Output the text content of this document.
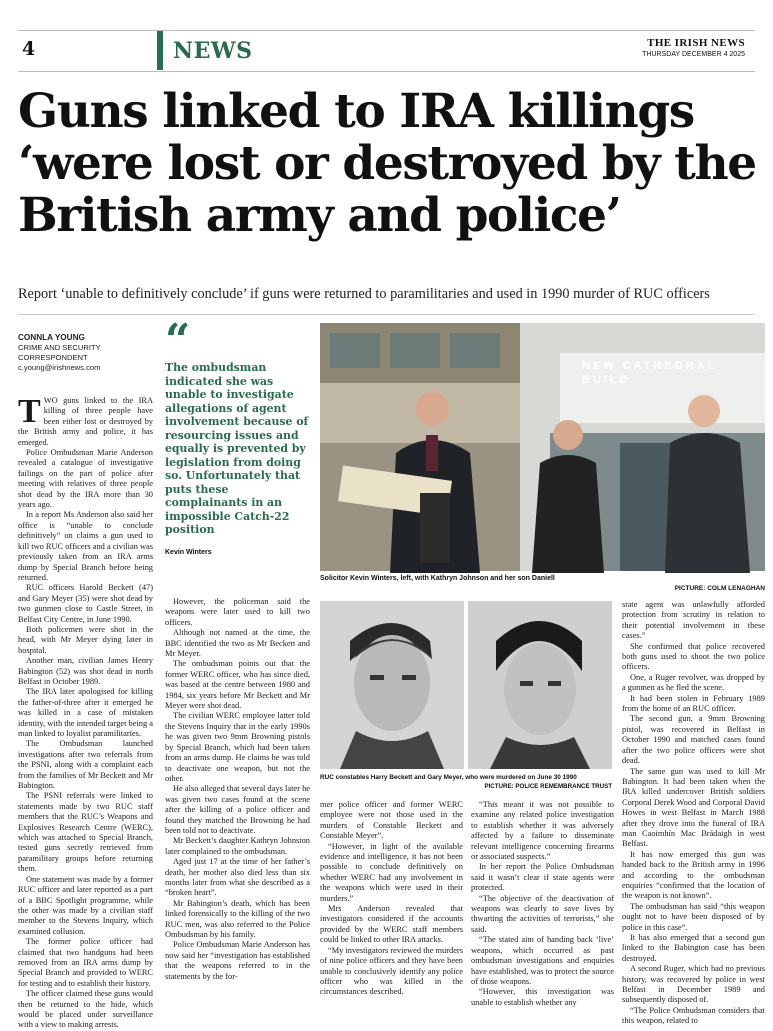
4	NEWS	THE IRISH NEWS
THURSDAY DECEMBER 4 2025
Guns linked to IRA killings ‘were lost or destroyed by the British army and police’
Report ‘unable to definitively conclude’ if guns were returned to paramilitaries and used in 1990 murder of RUC officers
CONNLA YOUNG
CRIME AND SECURITY
CORRESPONDENT
c.young@irishnews.com
“
The ombudsman indicated she was unable to investigate allegations of agent involvement because of resourcing issues and equally is prevented by legislation from doing so. Unfortunately that puts these complainants in an impossible Catch-22 position
Kevin Winters
NEW CATHEDRAL BUILD
Solicitor Kevin Winters, left, with Kathryn Johnson and her son Daniell
PICTURE: COLM LENAGHAN
RUC constables Harry Beckett and Gary Meyer, who were murdered on June 30 1990
PICTURE: POLICE REMEMBRANCE TRUST

TWO guns linked to the IRA killing of three people have been either lost or destroyed by the British army and police, it has emerged.

Police Ombudsman Marie Anderson revealed a catalogue of investigative failings on the part of police after meeting with relatives of three people shot dead by the IRA more than 30 years ago.

In a report Ms Anderson also said her office is “unable to conclude definitively” on claims a gun used to kill two RUC officers and a civilian was previously taken from an IRA arms dump by Special Branch before being returned.

RUC officers Harold Beckett (47) and Gary Meyer (35) were shot dead by two gunmen close to Castle Street, in Belfast City Centre, in June 1990.

Both policemen were shot in the head, with Mr Meyer dying later in hospital.

Another man, civilian James Henry Babington (52) was shot dead in north Belfast in October 1989.

The IRA later apologised for killing the father-of-three after it emerged he was killed in a case of mistaken identity, with the intended target being a man linked to loyalist paramilitaries.

The Ombudsman launched investigations after two referrals from the PSNI, along with a complaint each from the families of Mr Beckett and Mr Babington.

The PSNI referrals were linked to statements made by two RUC staff members that the RUC’s Weapons and Explosives Research Centre (WERC), which was attached to Special Branch, tested guns secretly retrieved from paramilitary groups before returning them.

One statement was made by a former RUC officer and later reported as a part of a BBC Spotlight programme, while the other was made by a civilian staff member to the Stevens Inquiry, which examined collusion.

The former police officer had claimed that two handguns had been removed from an IRA arms dump by Special Branch and provided to WERC for testing and to establish their history.

The officer claimed these guns would then be returned to the hide, which would be placed under surveillance with a view to making arrests.

However, the policeman said the weapons were later used to kill two officers.

Although not named at the time, the BBC identified the two as Mr Beckett and Mr Meyer.

The ombudsman points out that the former WERC officer, who has since died, was based at the centre between 1980 and 1984, six years before Mr Beckett and Mr Meyer were shot dead.

The civilian WERC employee latter told the Stevens Inquiry that in the early 1990s he was given two 9mm Browning pistols by Special Branch, which had been taken from an arms dump. He claims he was told to deactivate one weapon, but not the other.

He also alleged that several days later he was given two cases found at the scene after the killing of a police officer and found they matched the Browning he had been told not to deactivate.

Mr Beckett’s daughter Kathryn Johnston later complained to the ombudsman.

Aged just 17 at the time of her father’s death, her mother also died less than six months later from what she described as a “broken heart”.

Mr Babington’s death, which has been linked forensically to the killing of the two RUC men, was also referred to the Police Ombudsman by his family.

Police Ombudsman Marie Anderson has now said her “investigation has established that the weapons referred to in the statements by the for-

mer police officer and former WERC employee were not those used in the murders of Constable Beckett and Constable Meyer”.

“However, in light of the available evidence and intelligence, it has not been possible to conclude definitively on whether WERC had any involvement in the weapons which were used in their murders.”

Mrs Anderson revealed that investigators considered if the accounts provided by the WERC staff members could be linked to other IRA attacks.

“My investigators reviewed the murders of nine police officers and they have been unable to conclusively identify any police officer who was killed in the circumstances described.

“This meant it was not possible to examine any related police investigation to establish whether it was adversely affected by a failure to disseminate relevant intelligence concerning firearms or associated suspects.”

In her report the Police Ombudsman said it wasn’t clear if state agents were protected.

“The objective of the deactivation of weapons was clearly to save lives by thwarting the activities of terrorists,” she said.

“The stated aim of handing back ‘live’ weapons, which occurred as past ombudsman investigations and enquiries have established, was to protect the source of those weapons.

“However, this investigation was unable to establish whether any

state agent was unlawfully afforded protection from scrutiny in relation to their potential involvement in these cases.”

She confirmed that police recovered both guns used to shoot the two police officers.

One, a Ruger revolver, was dropped by a gunmen as he fled the scene.

It had been stolen in February 1989 from the home of an RUC officer.

The second gun, a 9mm Browning pistol, was recovered in Belfast in October 1990 and matched cases found after the two police officers were shot dead.

The same gun was used to kill Mr Babington. It had been taken when the IRA killed undercover British soldiers Corporal Derek Wood and Corporal David Howes in west Belfast in March 1988 after they drove into the funeral of IRA man Caoimhín Mac Brádaigh in west Belfast.

It has now emerged this gun was handed back to the British army in 1996 and according to the ombudsman enquiries “confirmed that the location of the weapon is not known”.

The ombudsman has said “this weapon ought not to have been disposed of by police in this case”.

It has also emerged that a second gun linked to the Babington case has been destroyed.

A second Ruger, which had no previous history, was recovered by police in west Belfast in December 1989 and subsequently disposed of.

“The Police Ombudsman considers that this weapon, related to
